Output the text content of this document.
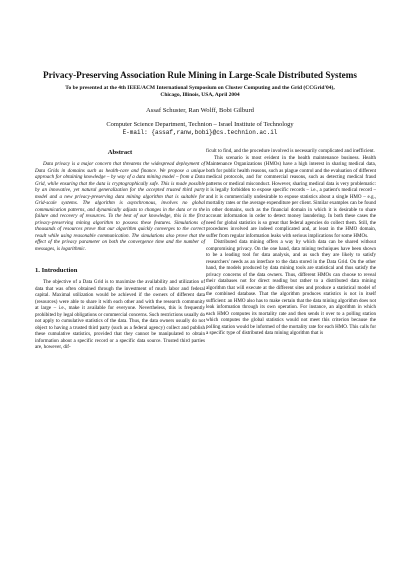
Privacy-Preserving Association Rule Mining in Large-Scale Distributed Systems
To be presented at the 4th IEEE/ACM International Symposium on Cluster Computing and the Grid (CCGrid'04),
Chicago, Illinois, USA, April 2004
Assaf Schuster, Ran Wolff, Bobi Gilburd
Computer Science Department, Technion – Israel Institute of Technology
E-mail: {assaf,ranw,bobi}@cs.technion.ac.il
Abstract

Data privacy is a major concern that threatens the widespread deployment of Data Grids in domains such as health-care and finance. We propose a unique approach for obtaining knowledge – by way of a data mining model – from a Data Grid, while ensuring that the data is cryptographically safe. This is made possible by an innovative, yet natural generalization for the accepted trusted third party model and a new privacy-preserving data mining algorithm that is suitable for Grid-scale systems. The algorithm is asynchronous, involves no global communication patterns, and dynamically adjusts to changes in the data or to the failure and recovery of resources. To the best of our knowledge, this is the first privacy-preserving mining algorithm to possess these features. Simulations of thousands of resources prove that our algorithm quickly converges to the correct result while using reasonable communication. The simulations also prove that the effect of the privacy parameter on both the convergence time and the number of messages, is logarithmic.

1. Introduction

The objective of a Data Grid is to maximize the availability and utilization of data that was often obtained through the investment of much labor and federal capital. Maximal utilization would be achieved if the owners of different data (resources) were able to share it with each other and with the research community at large – i.e., make it available for everyone. Nevertheless, this is frequently prohibited by legal obligations or commercial concerns. Such restrictions usually do not apply to cumulative statistics of the data. Thus, the data owners usually do not object to having a trusted third party (such as a federal agency) collect and publish these cumulative statistics, provided that they cannot be manipulated to obtain information about a specific record or a specific data source. Trusted third parties are, however, dif-

ficult to find, and the procedure involved is necessarily complicated and inefficient.

This scenario is most evident in the health maintenance business. Health Maintenance Organizations (HMOs) have a high interest in sharing medical data, both for public health reasons, such as plague control and the evaluation of different medical protocols, and for commercial reasons, such as detecting medical fraud patterns or medical misconduct. However, sharing medical data is very problematic: it is legally forbidden to expose specific records – i.e., a patient's medical record – and it is commercially undesirable to expose statistics about a single HMO – e.g., mortality rates or the average expenditure per client. Similar examples can be found in other domains, such as the financial domain in which it is desirable to share account information in order to detect money laundering. In both these cases the need for global statistics is so great that federal agencies do collect them. Still, the procedures involved are indeed complicated and, at least in the HMO domain, suffer from regular information leaks with serious implications for some HMOs.

Distributed data mining offers a way by which data can be shared without compromising privacy. On the one hand, data mining techniques have been shown to be a leading tool for data analysis, and as such they are likely to satisfy researchers' needs as an interface to the data stored in the Data Grid. On the other hand, the models produced by data mining tools are statistical and thus satisfy the privacy concerns of the data owners. Thus, different HMOs can choose to reveal their databases not for direct reading but rather to a distributed data mining algorithm that will execute at the different sites and produce a statistical model of the combined database. That the algorithm produces statistics is not in itself sufficient: an HMO also has to make certain that the data mining algorithm does not leak information through its own operation. For instance, an algorithm in which each HMO computes its mortality rate and then sends it over to a polling station which computes the global statistics would not meet this criterion because the polling station would be informed of the mortality rate for each HMO. This calls for a specific type of distributed data mining algorithm that is
